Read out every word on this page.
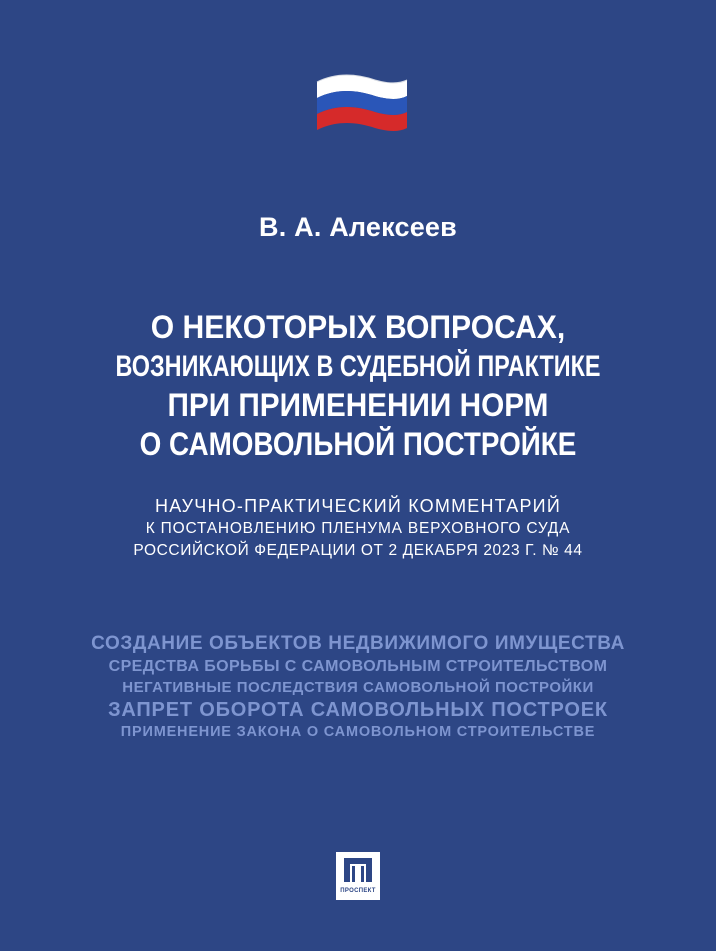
В. А. Алексеев
О НЕКОТОРЫХ ВОПРОСАХ,
ВОЗНИКАЮЩИХ В СУДЕБНОЙ ПРАКТИКЕ
ПРИ ПРИМЕНЕНИИ НОРМ
О САМОВОЛЬНОЙ ПОСТРОЙКЕ
НАУЧНО-ПРАКТИЧЕСКИЙ КОММЕНТАРИЙ
К ПОСТАНОВЛЕНИЮ ПЛЕНУМА ВЕРХОВНОГО СУДА
РОССИЙСКОЙ ФЕДЕРАЦИИ ОТ 2 ДЕКАБРЯ 2023 Г. № 44
СОЗДАНИЕ ОБЪЕКТОВ НЕДВИЖИМОГО ИМУЩЕСТВА
СРЕДСТВА БОРЬБЫ С САМОВОЛЬНЫМ СТРОИТЕЛЬСТВОМ
НЕГАТИВНЫЕ ПОСЛЕДСТВИЯ САМОВОЛЬНОЙ ПОСТРОЙКИ
ЗАПРЕТ ОБОРОТА САМОВОЛЬНЫХ ПОСТРОЕК
ПРИМЕНЕНИЕ ЗАКОНА О САМОВОЛЬНОМ СТРОИТЕЛЬСТВЕ
ПРОСПЕКТ
